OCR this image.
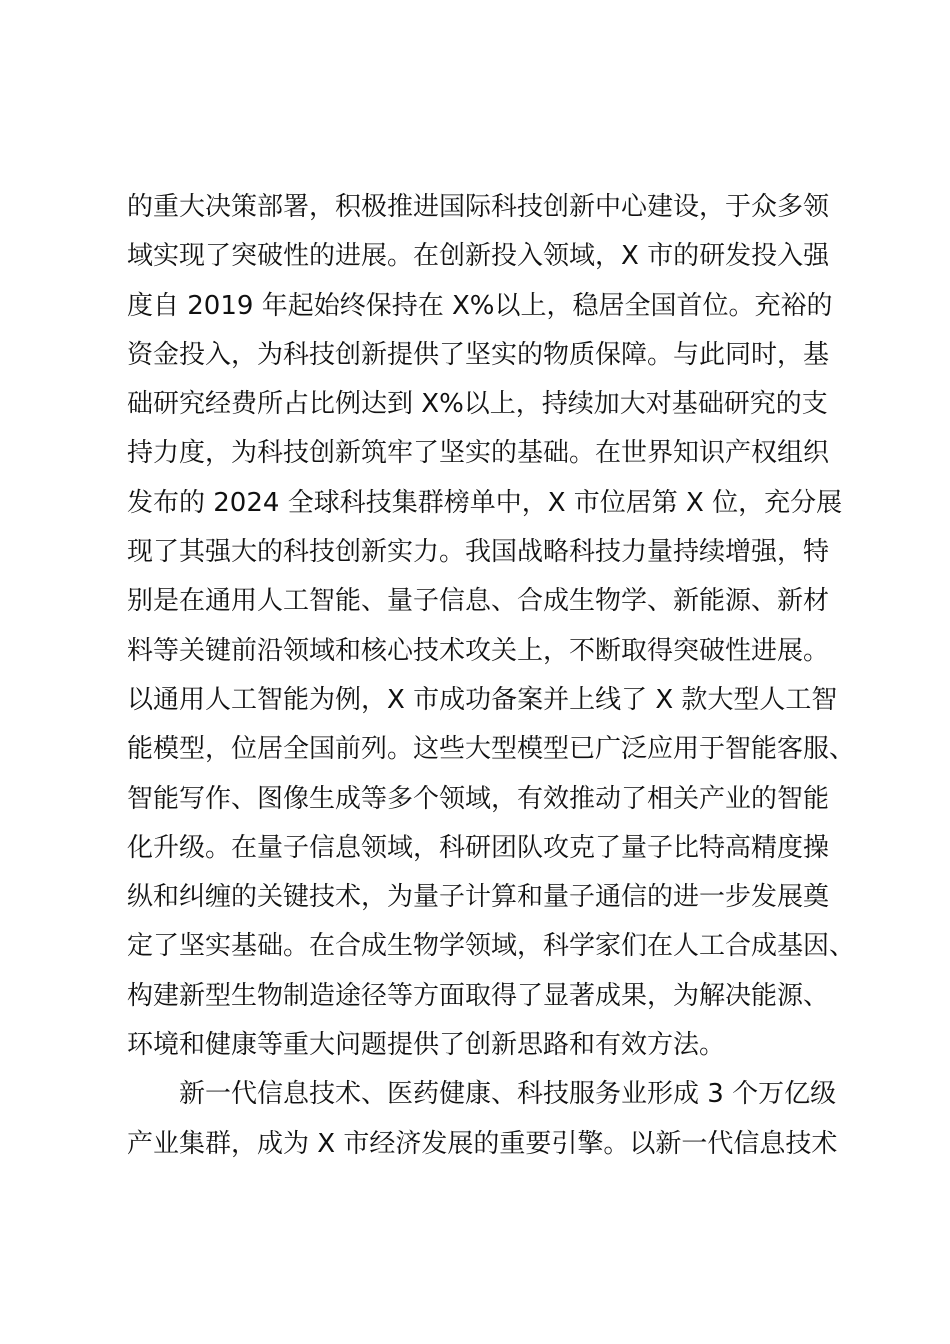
的重大决策部署，积极推进国际科技创新中心建设，于众多领

域实现了突破性的进展。在创新投入领域，X 市的研发投入强

度自 2019 年起始终保持在 X%以上，稳居全国首位。充裕的

资金投入，为科技创新提供了坚实的物质保障。与此同时，基

础研究经费所占比例达到 X%以上，持续加大对基础研究的支

持力度，为科技创新筑牢了坚实的基础。在世界知识产权组织

发布的 2024 全球科技集群榜单中，X 市位居第 X 位，充分展

现了其强大的科技创新实力。我国战略科技力量持续增强，特

别是在通用人工智能、量子信息、合成生物学、新能源、新材

料等关键前沿领域和核心技术攻关上，不断取得突破性进展。

以通用人工智能为例，X 市成功备案并上线了 X 款大型人工智

能模型，位居全国前列。这些大型模型已广泛应用于智能客服、

智能写作、图像生成等多个领域，有效推动了相关产业的智能

化升级。在量子信息领域，科研团队攻克了量子比特高精度操

纵和纠缠的关键技术，为量子计算和量子通信的进一步发展奠

定了坚实基础。在合成生物学领域，科学家们在人工合成基因、

构建新型生物制造途径等方面取得了显著成果，为解决能源、

环境和健康等重大问题提供了创新思路和有效方法。

新一代信息技术、医药健康、科技服务业形成 3 个万亿级

产业集群，成为 X 市经济发展的重要引擎。以新一代信息技术
